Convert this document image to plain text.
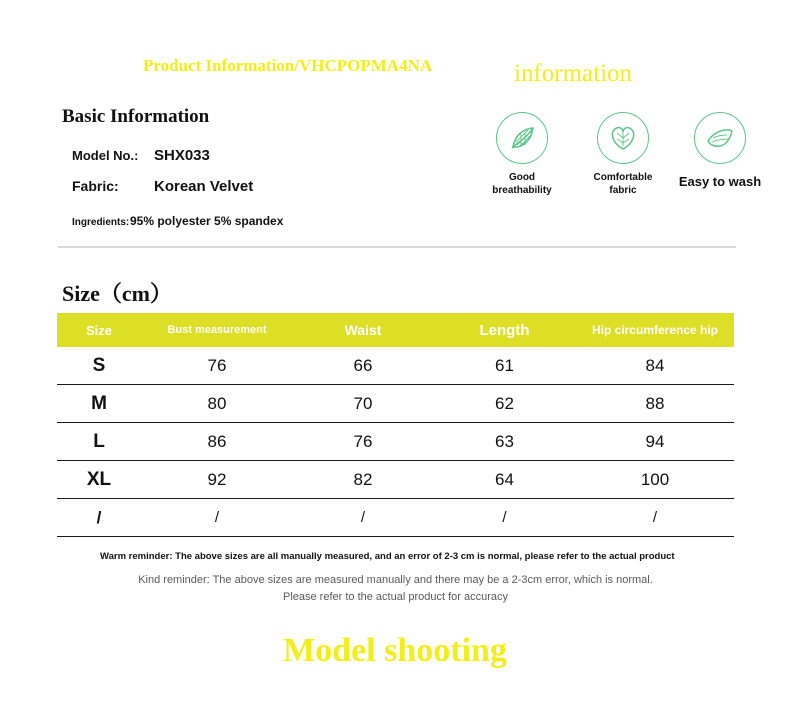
Product Information/VHCPOPMA4NA	information
Basic Information
Model No.: SHX033
Fabric: Korean Velvet
Ingredients:95% polyester 5% spandex
Good
breathability
Comfortable
fabric
Easy to wash
Size（cm）
Size	Bust measurement	Waist	Length	Hip circumference hip
S	76	66	61	84
M	80	70	62	88
L	86	76	63	94
XL	92	82	64	100
/	/	/	/	/
Warm reminder: The above sizes are all manually measured, and an error of 2-3 cm is normal, please refer to the actual product
Kind reminder: The above sizes are measured manually and there may be a 2-3cm error, which is normal.
Please refer to the actual product for accuracy
Model shooting
